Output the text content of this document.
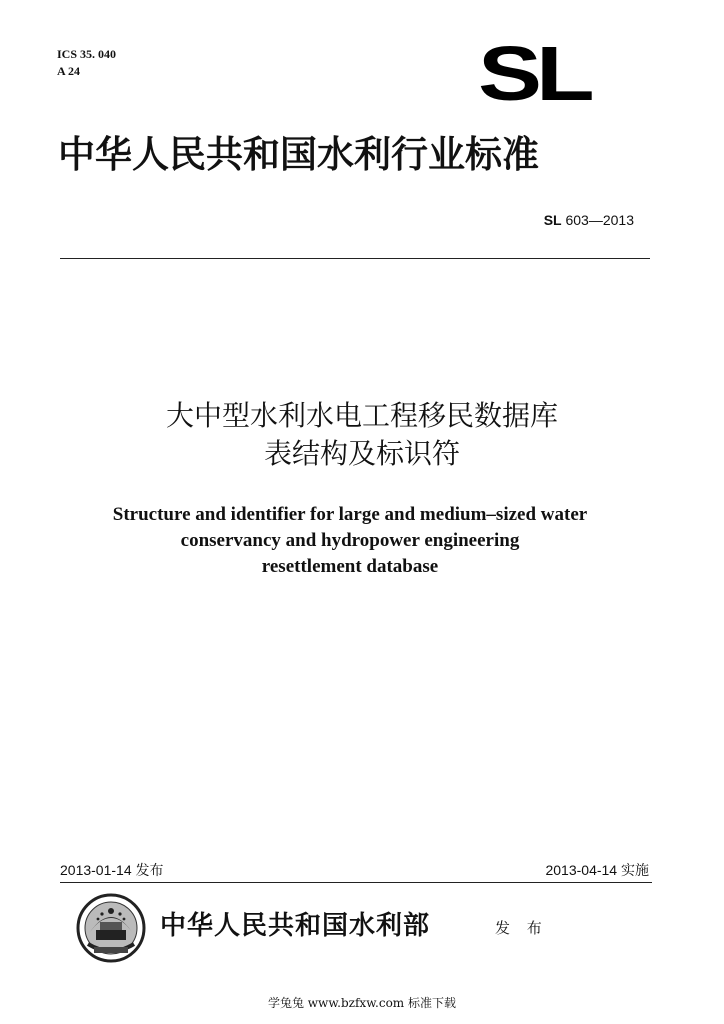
ICS 35. 040
A 24	SL
中华人民共和国水利行业标准
SL 603—2013
大中型水利水电工程移民数据库
表结构及标识符
Structure and identifier for large and medium–sized water
conservancy and hydropower engineering
resettlement database
2013-01-14 发布	2013-04-14 实施
中华人民共和国水利部	发 布
学兔兔 www.bzfxw.com 标准下载
